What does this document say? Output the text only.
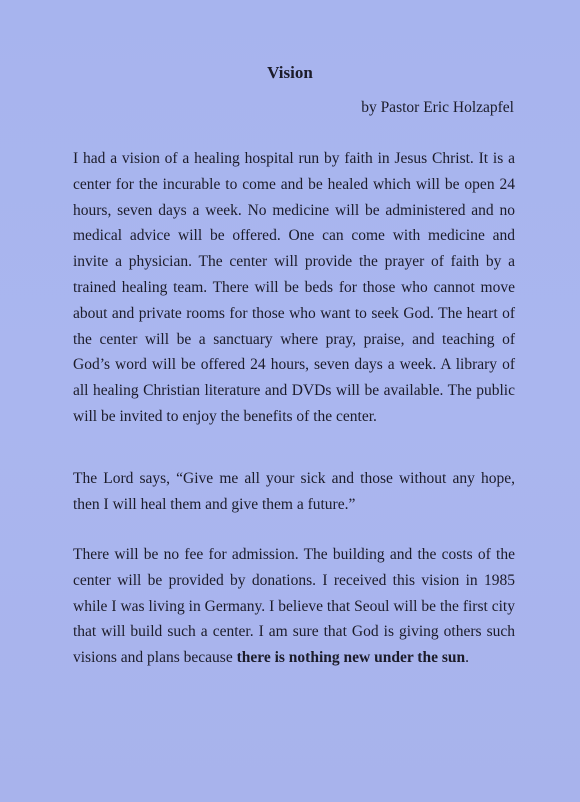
Vision
by Pastor Eric Holzapfel

I had a vision of a healing hospital run by faith in Jesus Christ. It is a center for the incurable to come and be healed which will be open 24 hours, seven days a week. No medicine will be administered and no medical advice will be offered. One can come with medicine and invite a physician. The center will provide the prayer of faith by a trained healing team. There will be beds for those who cannot move about and private rooms for those who want to seek God. The heart of the center will be a sanctuary where pray, praise, and teaching of God’s word will be offered 24 hours, seven days a week. A library of all healing Christian literature and DVDs will be available. The public will be invited to enjoy the benefits of the center.

The Lord says, “Give me all your sick and those without any hope, then I will heal them and give them a future.”

There will be no fee for admission. The building and the costs of the center will be provided by donations. I received this vision in 1985 while I was living in Germany. I believe that Seoul will be the first city that will build such a center. I am sure that God is giving others such visions and plans because there is nothing new under the sun.
